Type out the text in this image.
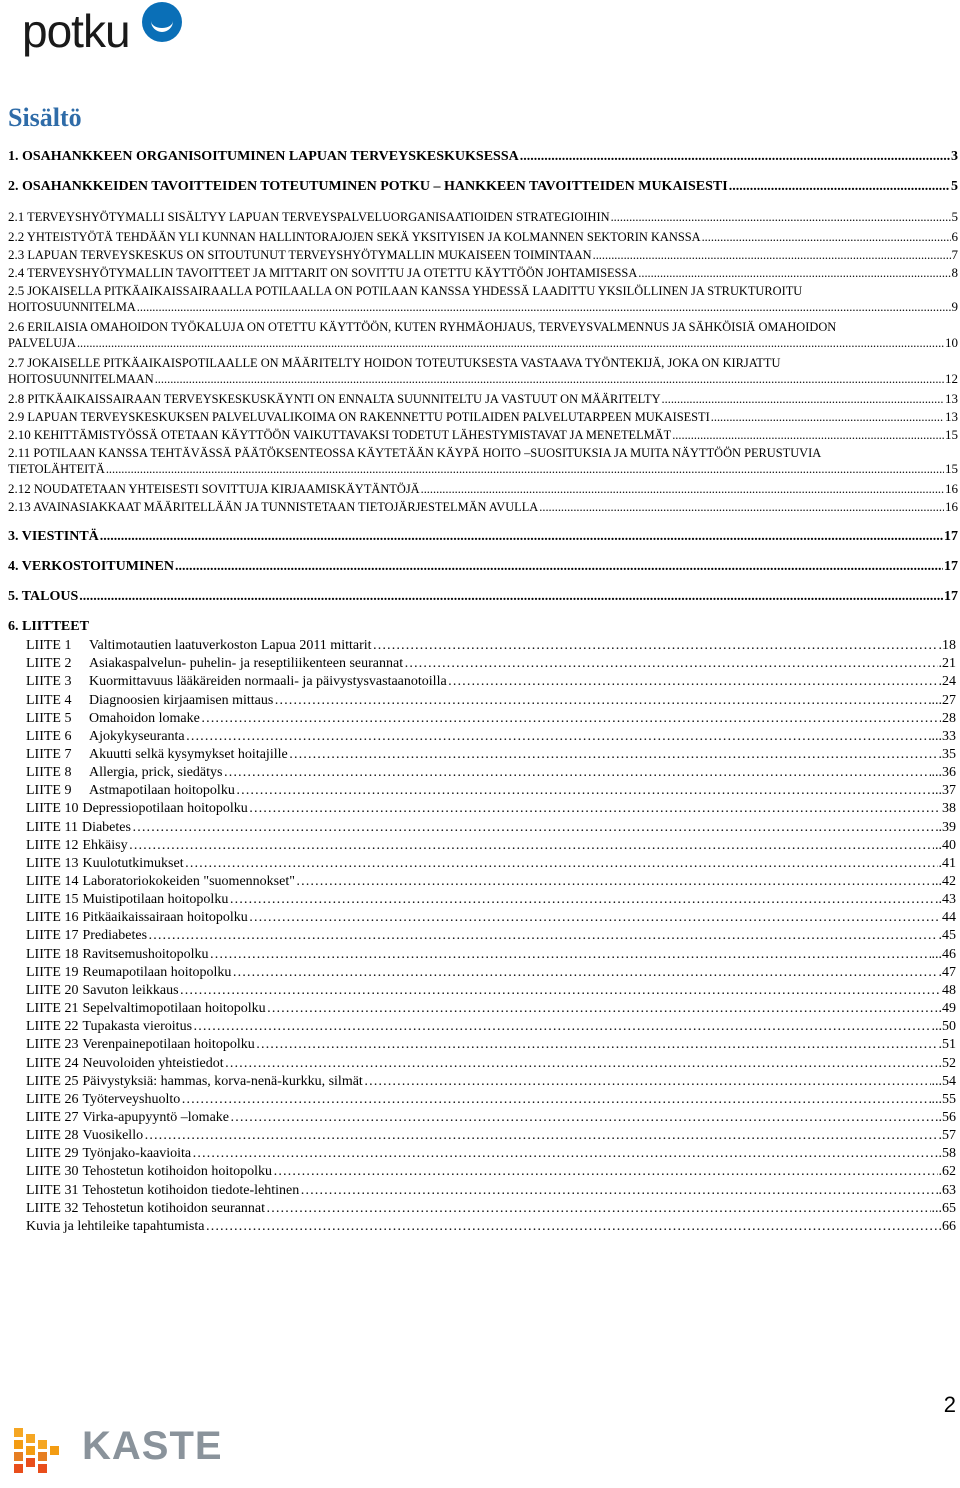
potku
Sisältö
1. OSAHANKKEEN ORGANISOITUMINEN LAPUAN TERVEYSKESKUKSESSA .....	3
2. OSAHANKKEIDEN TAVOITTEIDEN TOTEUTUMINEN POTKU – HANKKEEN TAVOITTEIDEN MUKAISESTI .....	5
2.1 TERVEYSHYÖTYMALLI SISÄLTYY LAPUAN TERVEYSPALVELUORGANISAATIOIDEN STRATEGIOIHIN .....	5
2.2 YHTEISTYÖTÄ TEHDÄÄN YLI KUNNAN HALLINTORAJOJEN SEKÄ YKSITYISEN JA KOLMANNEN SEKTORIN KANSSA .....	6
2.3 LAPUAN TERVEYSKESKUS ON SITOUTUNUT TERVEYSHYÖTYMALLIN MUKAISEEN TOIMINTAAN .....	7
2.4 TERVEYSHYÖTYMALLIN TAVOITTEET JA MITTARIT ON SOVITTU JA OTETTU KÄYTTÖÖN JOHTAMISESSA .....	8
2.5 JOKAISELLA PITKÄAIKAISSAIRAALLA POTILAALLA ON POTILAAN KANSSA YHDESSÄ LAADITTU YKSILÖLLINEN JA STRUKTUROITU
HOITOSUUNNITELMA .....	9
2.6 ERILAISIA OMAHOIDON TYÖKALUJA ON OTETTU KÄYTTÖÖN, KUTEN RYHMÄOHJAUS, TERVEYSVALMENNUS JA SÄHKÖISIÄ OMAHOIDON
PALVELUJA .....	10
2.7 JOKAISELLE PITKÄAIKAISPOTILAALLE ON MÄÄRITELTY HOIDON TOTEUTUKSESTA VASTAAVA TYÖNTEKIJÄ, JOKA ON KIRJATTU
HOITOSUUNNITELMAAN .....	12
2.8 PITKÄAIKAISSAIRAAN TERVEYSKESKUSKÄYNTI ON ENNALTA SUUNNITELTU JA VASTUUT ON MÄÄRITELTY .....	13
2.9 LAPUAN TERVEYSKESKUKSEN PALVELUVALIKOIMA ON RAKENNETTU POTILAIDEN PALVELUTARPEEN MUKAISESTI .....	13
2.10 KEHITTÄMISTYÖSSÄ OTETAAN KÄYTTÖÖN VAIKUTTAVAKSI TODETUT LÄHESTYMISTAVAT JA MENETELMÄT .....	15
2.11 POTILAAN KANSSA TEHTÄVÄSSÄ PÄÄTÖKSENTEOSSA KÄYTETÄÄN KÄYPÄ HOITO –SUOSITUKSIA JA MUITA NÄYTTÖÖN PERUSTUVIA
TIETOLÄHTEITÄ .....	15
2.12 NOUDATETAAN YHTEISESTI SOVITTUJA KIRJAAMISKÄYTÄNTÖJÄ .....	16
2.13 AVAINASIAKKAAT MÄÄRITELLÄÄN JA TUNNISTETAAN TIETOJÄRJESTELMÄN AVULLA .....	16
3. VIESTINTÄ .....	17
4. VERKOSTOITUMINEN .....	17
5. TALOUS .....	17
6. LIITTEET
LIITE 1 Valtimotautien laatuverkoston Lapua 2011 mittarit …………………………………………………………………………………………………………………………………………………………………………………………………………………………………………………………………………………………	.18
LIITE 2 Asiakaspalvelun- puhelin- ja reseptiliikenteen seurannat …………………………………………………………………………………………………………………………………………………………………………………………………………………………………………………………………………………………	.21
LIITE 3 Kuormittavuus lääkäreiden normaali- ja päivystysvastaanotoilla …………………………………………………………………………………………………………………………………………………………………………………………………………………………………………………………………………………………	.24
LIITE 4 Diagnoosien kirjaamisen mittaus …………………………………………………………………………………………………………………………………………………………………………………………………………………………………………………………………………………………	...27
LIITE 5 Omahoidon lomake …………………………………………………………………………………………………………………………………………………………………………………………………………………………………………………………………………………………	28
LIITE 6 Ajokykyseuranta …………………………………………………………………………………………………………………………………………………………………………………………………………………………………………………………………………………………	...33
LIITE 7 Akuutti selkä kysymykset hoitajille …………………………………………………………………………………………………………………………………………………………………………………………………………………………………………………………………………………………	.35
LIITE 8 Allergia, prick, siedätys …………………………………………………………………………………………………………………………………………………………………………………………………………………………………………………………………………………………	...36
LIITE 9 Astmapotilaan hoitopolku …………………………………………………………………………………………………………………………………………………………………………………………………………………………………………………………………………………………	...37
LIITE 10 Depressiopotilaan hoitopolku …………………………………………………………………………………………………………………………………………………………………………………………………………………………………………………………………………………………	38
LIITE 11 Diabetes …………………………………………………………………………………………………………………………………………………………………………………………………………………………………………………………………………………………	.39
LIITE 12 Ehkäisy …………………………………………………………………………………………………………………………………………………………………………………………………………………………………………………………………………………………	..40
LIITE 13 Kuulotutkimukset …………………………………………………………………………………………………………………………………………………………………………………………………………………………………………………………………………………………	.41
LIITE 14 Laboratoriokokeiden "suomennokset" …………………………………………………………………………………………………………………………………………………………………………………………………………………………………………………………………………………………	...42
LIITE 15 Muistipotilaan hoitopolku …………………………………………………………………………………………………………………………………………………………………………………………………………………………………………………………………………………………	..43
LIITE 16 Pitkäaikaissairaan hoitopolku …………………………………………………………………………………………………………………………………………………………………………………………………………………………………………………………………………………………	44
LIITE 17 Prediabetes …………………………………………………………………………………………………………………………………………………………………………………………………………………………………………………………………………………………	.45
LIITE 18 Ravitsemushoitopolku …………………………………………………………………………………………………………………………………………………………………………………………………………………………………………………………………………………………	...46
LIITE 19 Reumapotilaan hoitopolku …………………………………………………………………………………………………………………………………………………………………………………………………………………………………………………………………………………………	.47
LIITE 20 Savuton leikkaus …………………………………………………………………………………………………………………………………………………………………………………………………………………………………………………………………………………………	48
LIITE 21 Sepelvaltimopotilaan hoitopolku …………………………………………………………………………………………………………………………………………………………………………………………………………………………………………………………………………………………	.49
LIITE 22 Tupakasta vieroitus …………………………………………………………………………………………………………………………………………………………………………………………………………………………………………………………………………………………	...50
LIITE 23 Verenpainepotilaan hoitopolku …………………………………………………………………………………………………………………………………………………………………………………………………………………………………………………………………………………………	.51
LIITE 24 Neuvoloiden yhteistiedot …………………………………………………………………………………………………………………………………………………………………………………………………………………………………………………………………………………………	.52
LIITE 25 Päivystyksiä: hammas, korva-nenä-kurkku, silmät …………………………………………………………………………………………………………………………………………………………………………………………………………………………………………………………………………………………	...54
LIITE 26 Työterveyshuolto …………………………………………………………………………………………………………………………………………………………………………………………………………………………………………………………………………………………	...55
LIITE 27 Virka-apupyyntö –lomake …………………………………………………………………………………………………………………………………………………………………………………………………………………………………………………………………………………………	..56
LIITE 28 Vuosikello …………………………………………………………………………………………………………………………………………………………………………………………………………………………………………………………………………………………	.57
LIITE 29 Työnjako-kaavioita …………………………………………………………………………………………………………………………………………………………………………………………………………………………………………………………………………………………	.58
LIITE 30 Tehostetun kotihoidon hoitopolku …………………………………………………………………………………………………………………………………………………………………………………………………………………………………………………………………………………………	.62
LIITE 31 Tehostetun kotihoidon tiedote-lehtinen …………………………………………………………………………………………………………………………………………………………………………………………………………………………………………………………………………………………	.63
LIITE 32 Tehostetun kotihoidon seurannat …………………………………………………………………………………………………………………………………………………………………………………………………………………………………………………………………………………………	...65
Kuvia ja lehtileike tapahtumista …………………………………………………………………………………………………………………………………………………………………………………………………………………………………………………………………………………………	.66
2
KASTE
